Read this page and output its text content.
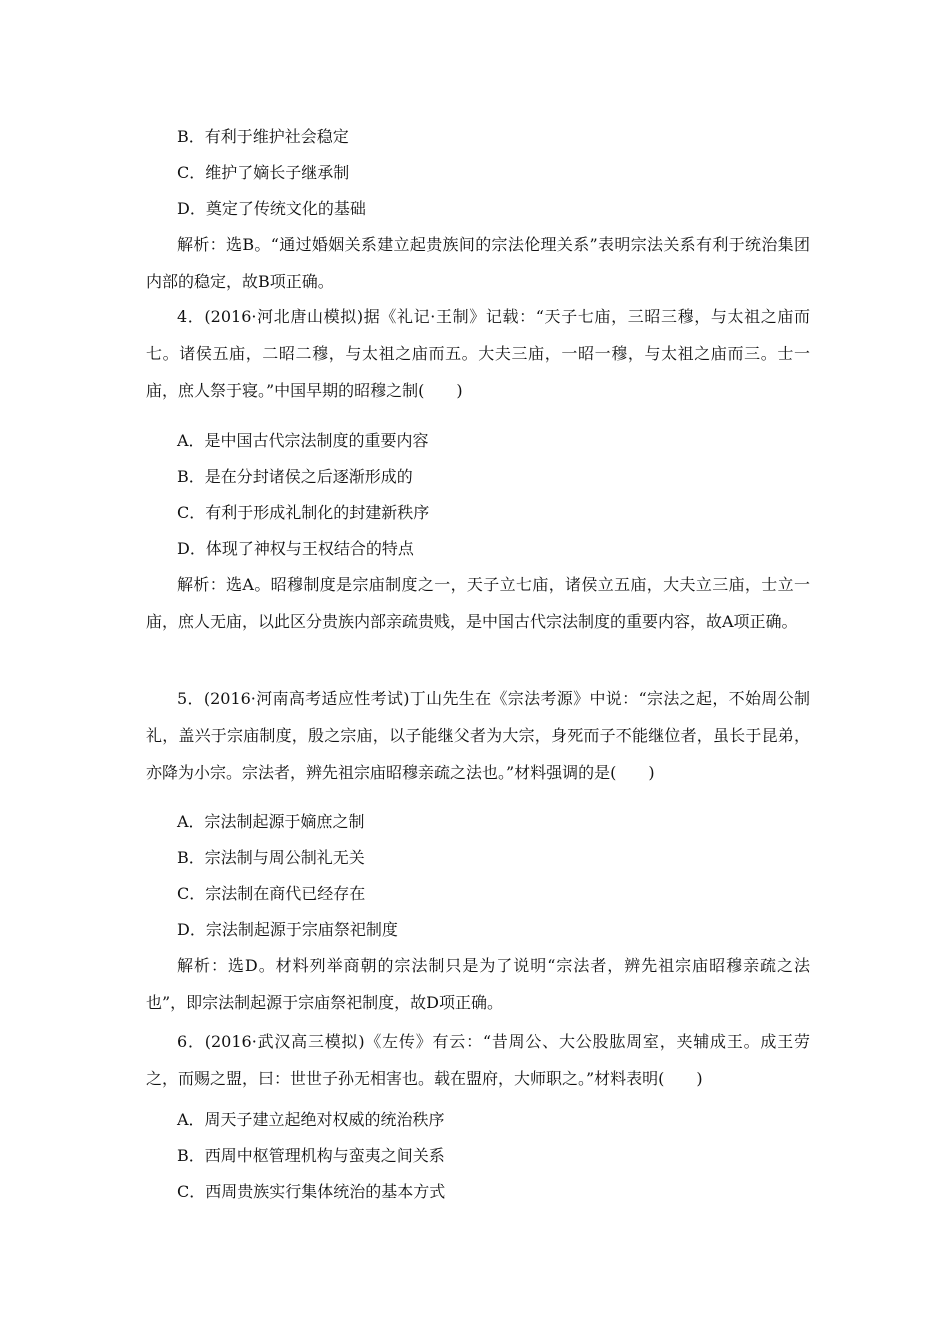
B．有利于维护社会稳定

C．维护了嫡长子继承制

D．奠定了传统文化的基础

解析：选B。“通过婚姻关系建立起贵族间的宗法伦理关系”表明宗法关系有利于统治集团内部的稳定，故B项正确。

4．(2016·河北唐山模拟)据《礼记·王制》记载：“天子七庙，三昭三穆，与太祖之庙而七。诸侯五庙，二昭二穆，与太祖之庙而五。大夫三庙，一昭一穆，与太祖之庙而三。士一庙，庶人祭于寝。”中国早期的昭穆之制(　　)

A．是中国古代宗法制度的重要内容

B．是在分封诸侯之后逐渐形成的

C．有利于形成礼制化的封建新秩序

D．体现了神权与王权结合的特点

解析：选A。昭穆制度是宗庙制度之一，天子立七庙，诸侯立五庙，大夫立三庙，士立一庙，庶人无庙，以此区分贵族内部亲疏贵贱，是中国古代宗法制度的重要内容，故A项正确。

5．(2016·河南高考适应性考试)丁山先生在《宗法考源》中说：“宗法之起，不始周公制礼，盖兴于宗庙制度，殷之宗庙，以子能继父者为大宗，身死而子不能继位者，虽长于昆弟，亦降为小宗。宗法者，辨先祖宗庙昭穆亲疏之法也。”材料强调的是(　　)

A．宗法制起源于嫡庶之制

B．宗法制与周公制礼无关

C．宗法制在商代已经存在

D．宗法制起源于宗庙祭祀制度

解析：选D。材料列举商朝的宗法制只是为了说明“宗法者，辨先祖宗庙昭穆亲疏之法也”，即宗法制起源于宗庙祭祀制度，故D项正确。

6．(2016·武汉高三模拟)《左传》有云：“昔周公、大公股肱周室，夹辅成王。成王劳之，而赐之盟，曰：世世子孙无相害也。载在盟府，大师职之。”材料表明(　　)

A．周天子建立起绝对权威的统治秩序

B．西周中枢管理机构与蛮夷之间关系

C．西周贵族实行集体统治的基本方式
